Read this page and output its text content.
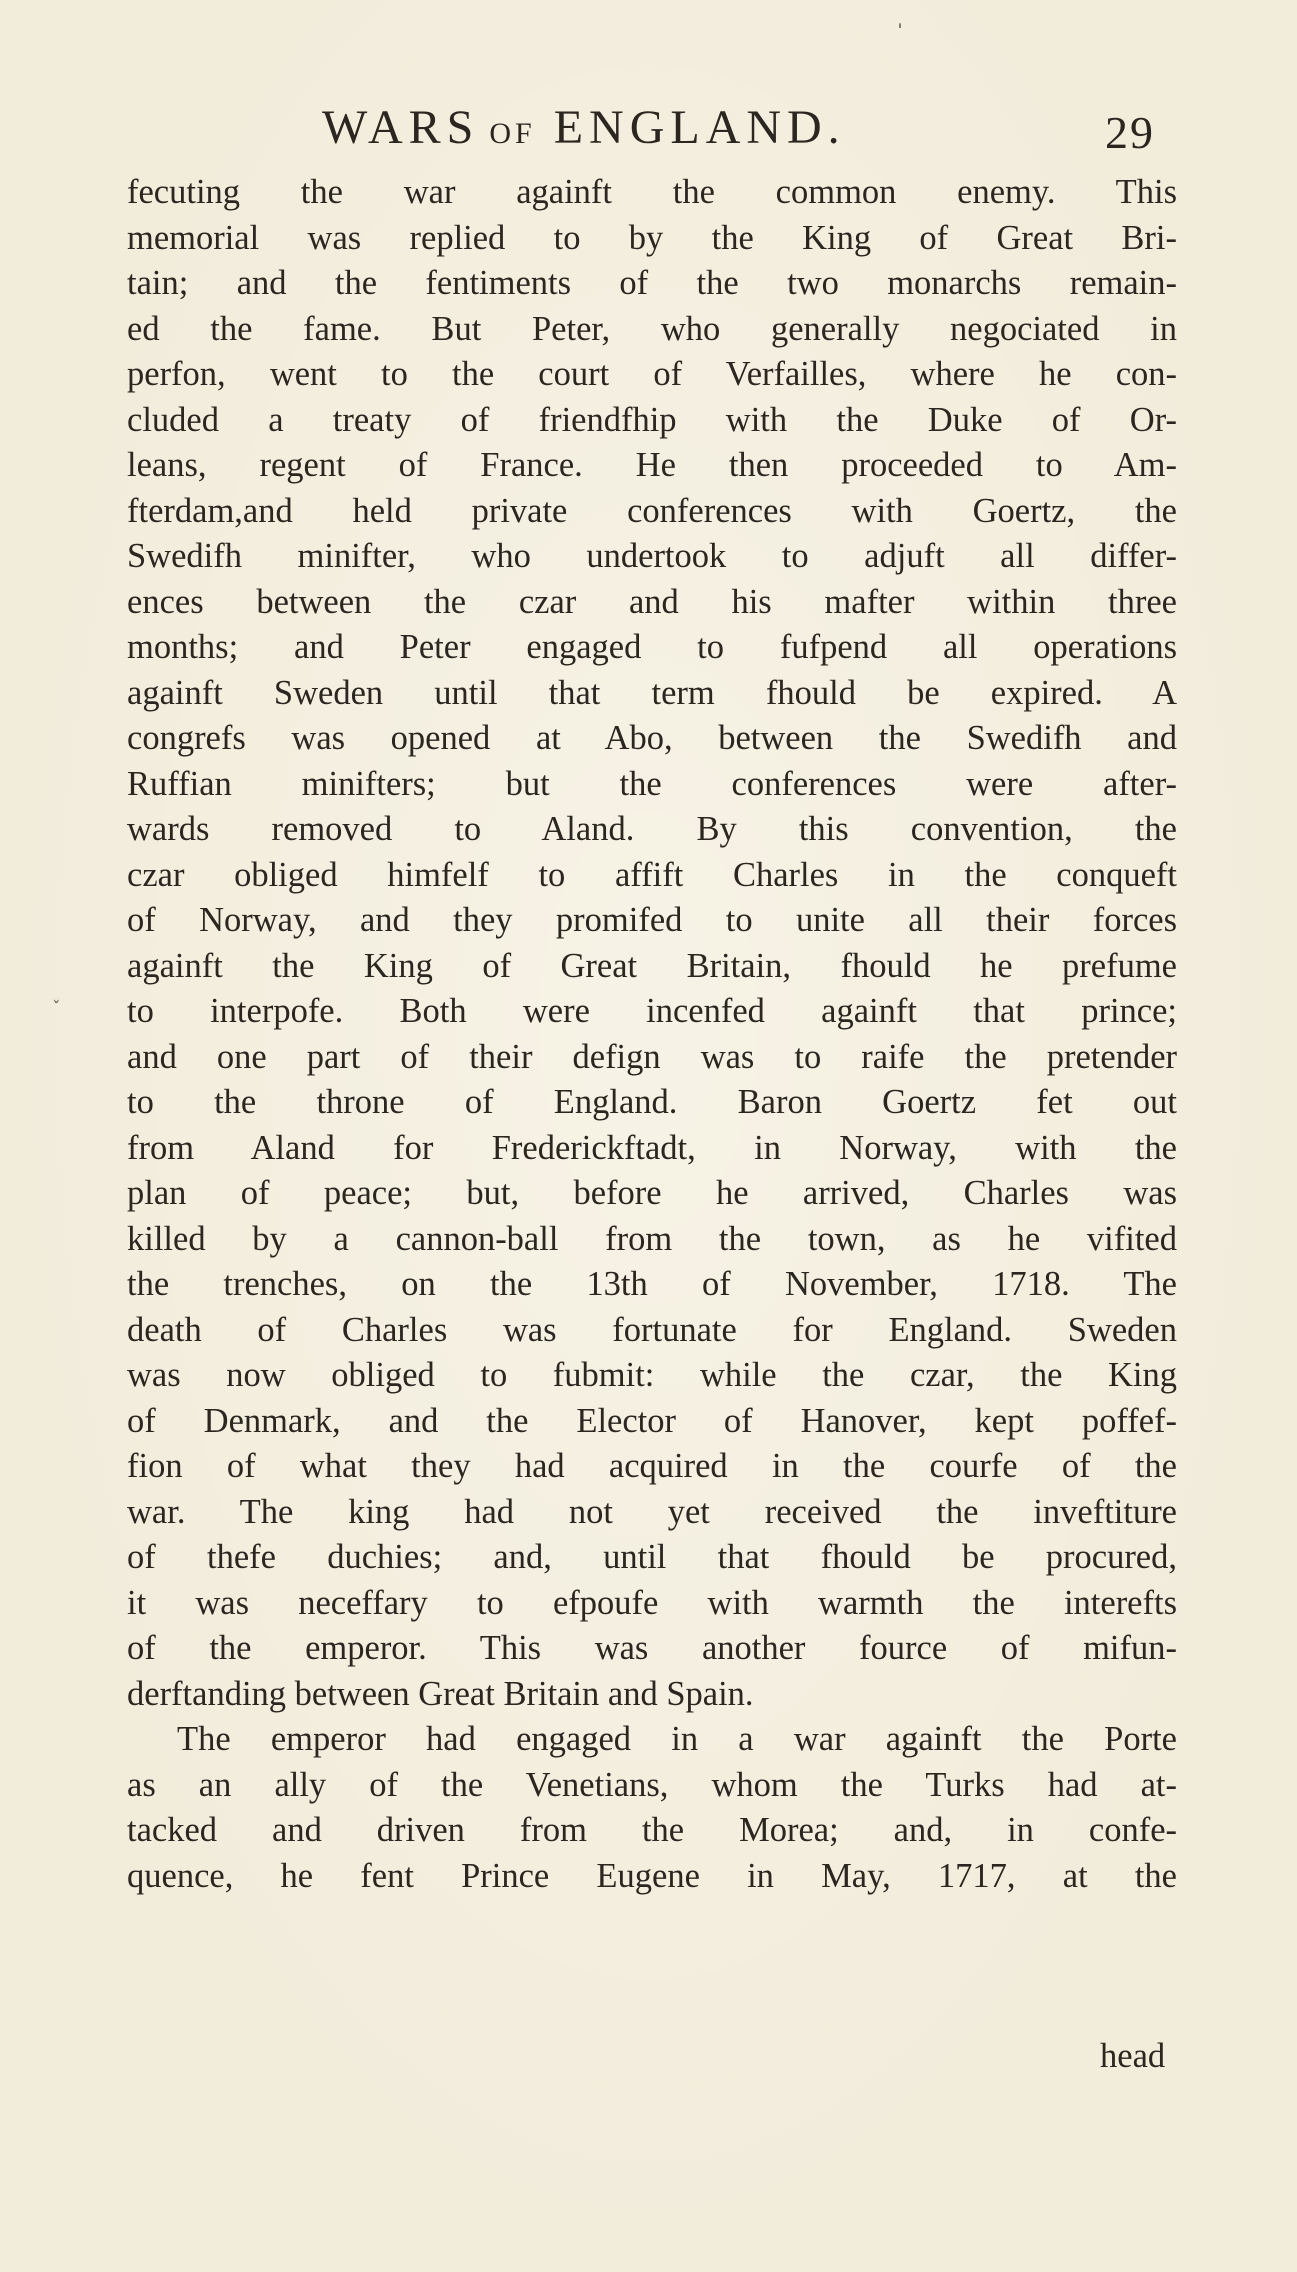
WARS OF ENGLAND.	29
fecuting the war againft the common enemy. This
memorial was replied to by the King of Great Bri-
tain; and the fentiments of the two monarchs remain-
ed the fame. But Peter, who generally negociated in
perfon, went to the court of Verfailles, where he con-
cluded a treaty of friendfhip with the Duke of Or-
leans, regent of France. He then proceeded to Am-
fterdam,and held private conferences with Goertz, the
Swedifh minifter, who undertook to adjuft all differ-
ences between the czar and his mafter within three
months; and Peter engaged to fufpend all operations
againft Sweden until that term fhould be expired. A
congrefs was opened at Abo, between the Swedifh and
Ruffian minifters; but the conferences were after-
wards removed to Aland. By this convention, the
czar obliged himfelf to affift Charles in the conqueft
of Norway, and they promifed to unite all their forces
againft the King of Great Britain, fhould he prefume
to interpofe. Both were incenfed againft that prince;
and one part of their defign was to raife the pretender
to the throne of England. Baron Goertz fet out
from Aland for Frederickftadt, in Norway, with the
plan of peace; but, before he arrived, Charles was
killed by a cannon-ball from the town, as he vifited
the trenches, on the 13th of November, 1718. The
death of Charles was fortunate for England. Sweden
was now obliged to fubmit: while the czar, the King
of Denmark, and the Elector of Hanover, kept poffef-
fion of what they had acquired in the courfe of the
war. The king had not yet received the inveftiture
of thefe duchies; and, until that fhould be procured,
it was neceffary to efpoufe with warmth the interefts
of the emperor. This was another fource of mifun-
derftanding between Great Britain and Spain.
The emperor had engaged in a war againft the Porte
as an ally of the Venetians, whom the Turks had at-
tacked and driven from the Morea; and, in confe-
quence, he fent Prince Eugene in May, 1717, at the
head
ˈ
˯
